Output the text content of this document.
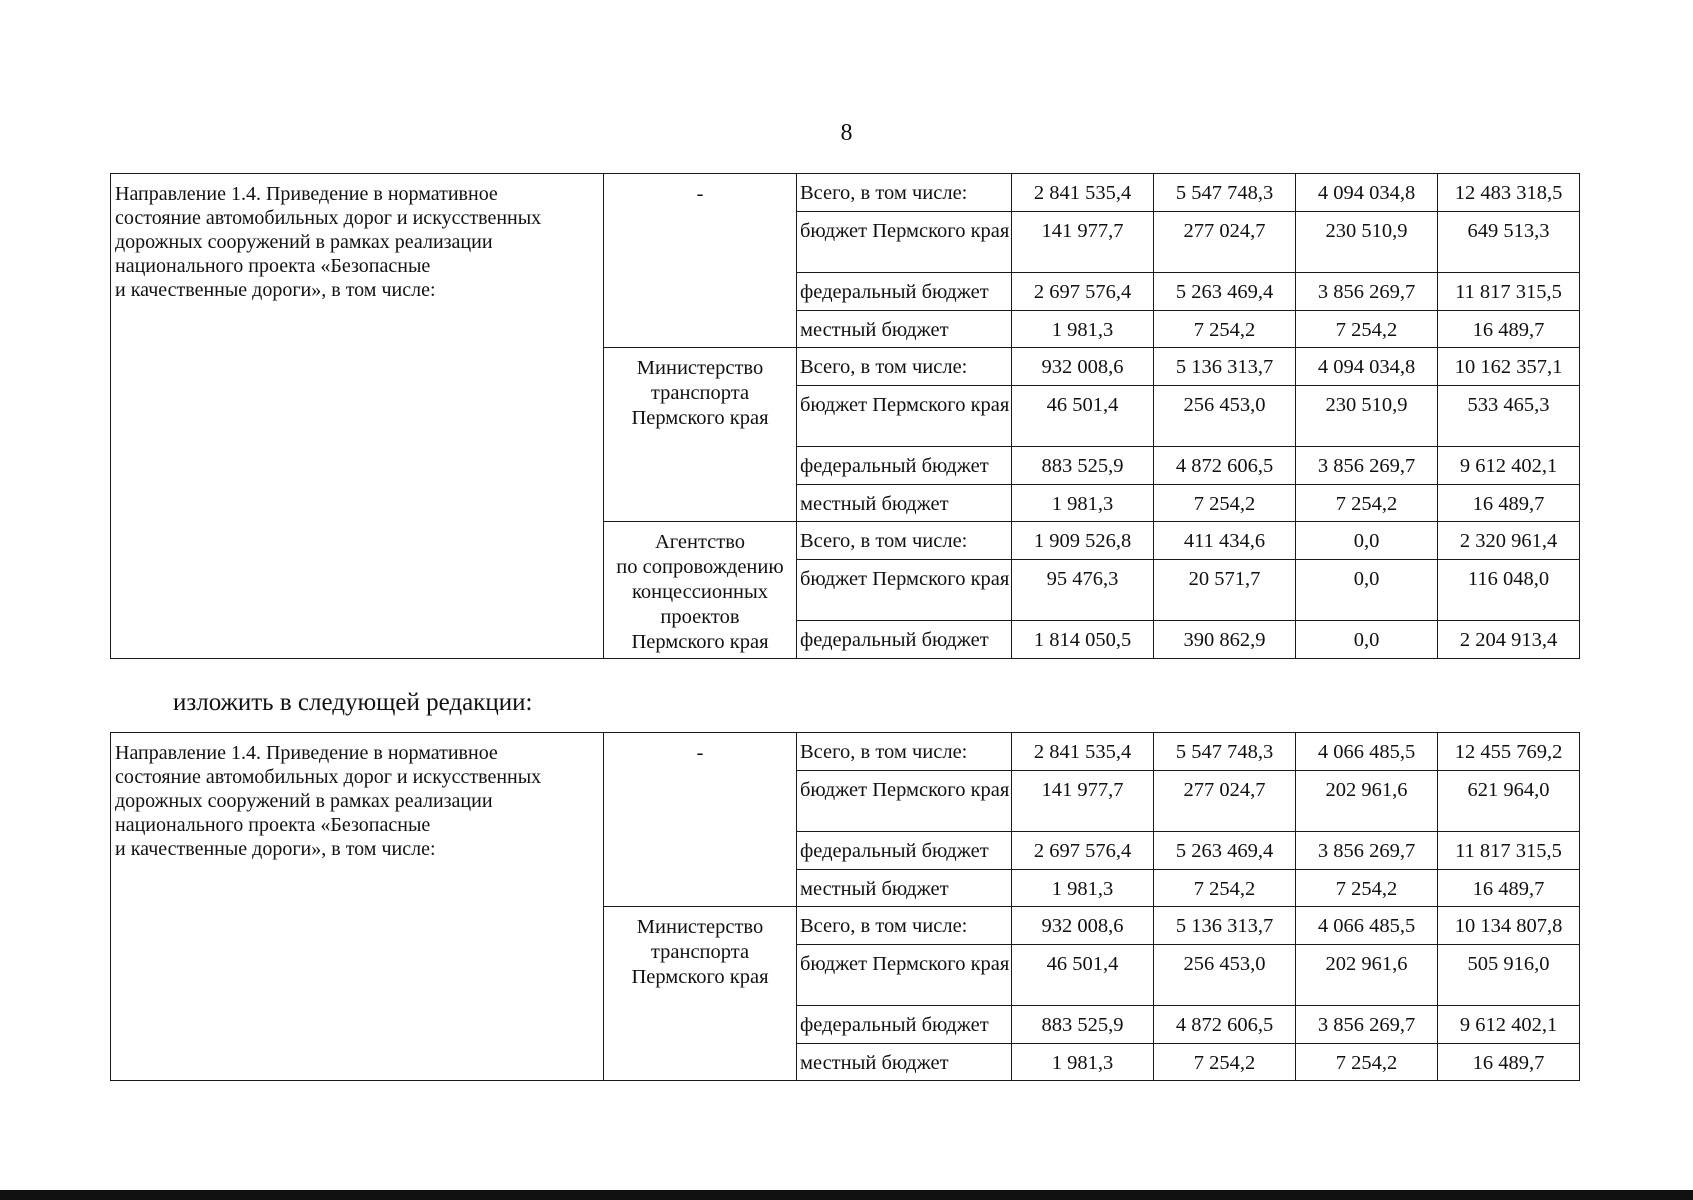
8
Направление 1.4. Приведение в нормативное
состояние автомобильных дорог и искусственных
дорожных сооружений в рамках реализации
национального проекта «Безопасные
и качественные дороги», в том числе:	-	Всего, в том числе:	2 841 535,4	5 547 748,3	4 094 034,8	12 483 318,5
		бюджет Пермского края	141 977,7	277 024,7	230 510,9	649 513,3
		федеральный бюджет	2 697 576,4	5 263 469,4	3 856 269,7	11 817 315,5
		местный бюджет	1 981,3	7 254,2	7 254,2	16 489,7

	Министерство
транспорта
Пермского края	Всего, в том числе:	932 008,6	5 136 313,7	4 094 034,8	10 162 357,1
		бюджет Пермского края	46 501,4	256 453,0	230 510,9	533 465,3
		федеральный бюджет	883 525,9	4 872 606,5	3 856 269,7	9 612 402,1
		местный бюджет	1 981,3	7 254,2	7 254,2	16 489,7

	Агентство
по сопровождению
концессионных
проектов
Пермского края	Всего, в том числе:	1 909 526,8	411 434,6	0,0	2 320 961,4
		бюджет Пермского края	95 476,3	20 571,7	0,0	116 048,0
		федеральный бюджет	1 814 050,5	390 862,9	0,0	2 204 913,4
изложить в следующей редакции:
Направление 1.4. Приведение в нормативное
состояние автомобильных дорог и искусственных
дорожных сооружений в рамках реализации
национального проекта «Безопасные
и качественные дороги», в том числе:	-	Всего, в том числе:	2 841 535,4	5 547 748,3	4 066 485,5	12 455 769,2
		бюджет Пермского края	141 977,7	277 024,7	202 961,6	621 964,0
		федеральный бюджет	2 697 576,4	5 263 469,4	3 856 269,7	11 817 315,5
		местный бюджет	1 981,3	7 254,2	7 254,2	16 489,7

	Министерство
транспорта
Пермского края	Всего, в том числе:	932 008,6	5 136 313,7	4 066 485,5	10 134 807,8
		бюджет Пермского края	46 501,4	256 453,0	202 961,6	505 916,0
		федеральный бюджет	883 525,9	4 872 606,5	3 856 269,7	9 612 402,1
		местный бюджет	1 981,3	7 254,2	7 254,2	16 489,7
